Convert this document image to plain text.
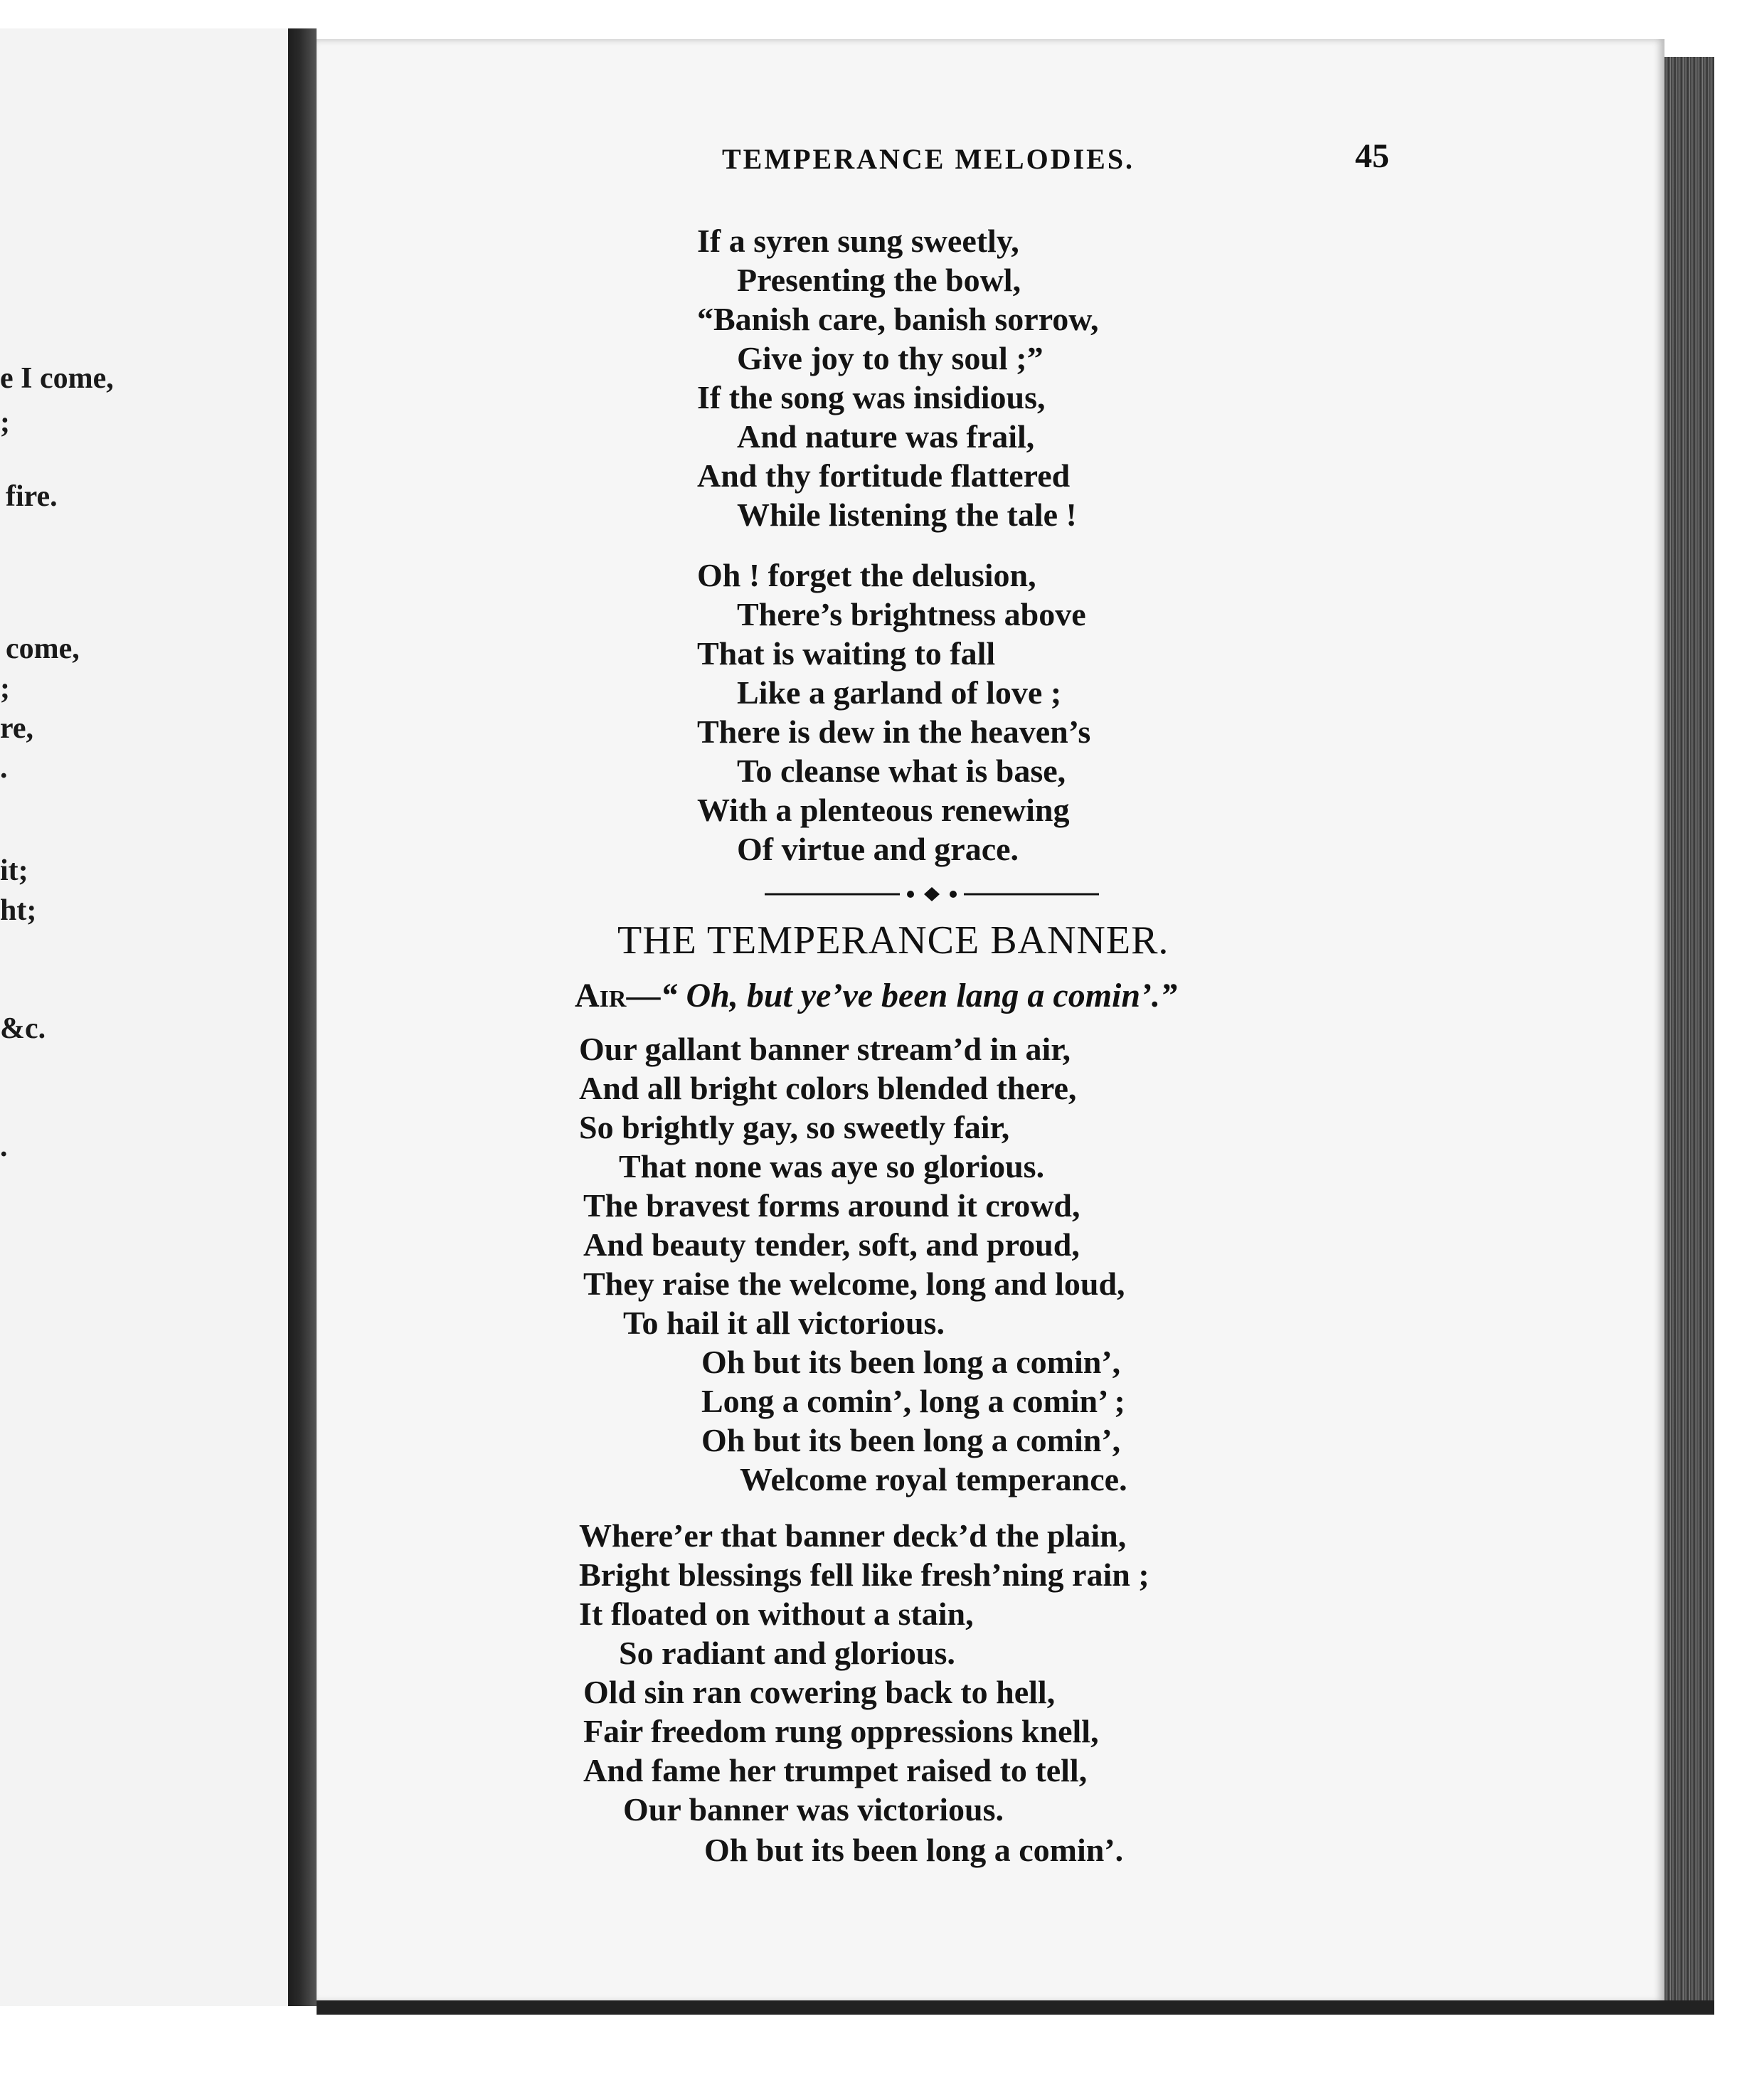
e I come,
;
fire.
come,
;
re,
.
it;
ht;
&c.
.
TEMPERANCE MELODIES.	45
If a syren sung sweetly,
Presenting the bowl,
“Banish care, banish sorrow,
Give joy to thy soul ;”
If the song was insidious,
And nature was frail,
And thy fortitude flattered
While listening the tale !
Oh ! forget the delusion,
There’s brightness above
That is waiting to fall
Like a garland of love ;
There is dew in the heaven’s
To cleanse what is base,
With a plenteous renewing
Of virtue and grace.
THE TEMPERANCE BANNER.
Air—“ Oh, but ye’ve been lang a comin’.”
Our gallant banner stream’d in air,
And all bright colors blended there,
So brightly gay, so sweetly fair,
That none was aye so glorious.
The bravest forms around it crowd,
And beauty tender, soft, and proud,
They raise the welcome, long and loud,
To hail it all victorious.
Oh but its been long a comin’,
Long a comin’, long a comin’ ;
Oh but its been long a comin’,
Welcome royal temperance.
Where’er that banner deck’d the plain,
Bright blessings fell like fresh’ning rain ;
It floated on without a stain,
So radiant and glorious.
Old sin ran cowering back to hell,
Fair freedom rung oppressions knell,
And fame her trumpet raised to tell,
Our banner was victorious.
Oh but its been long a comin’.
